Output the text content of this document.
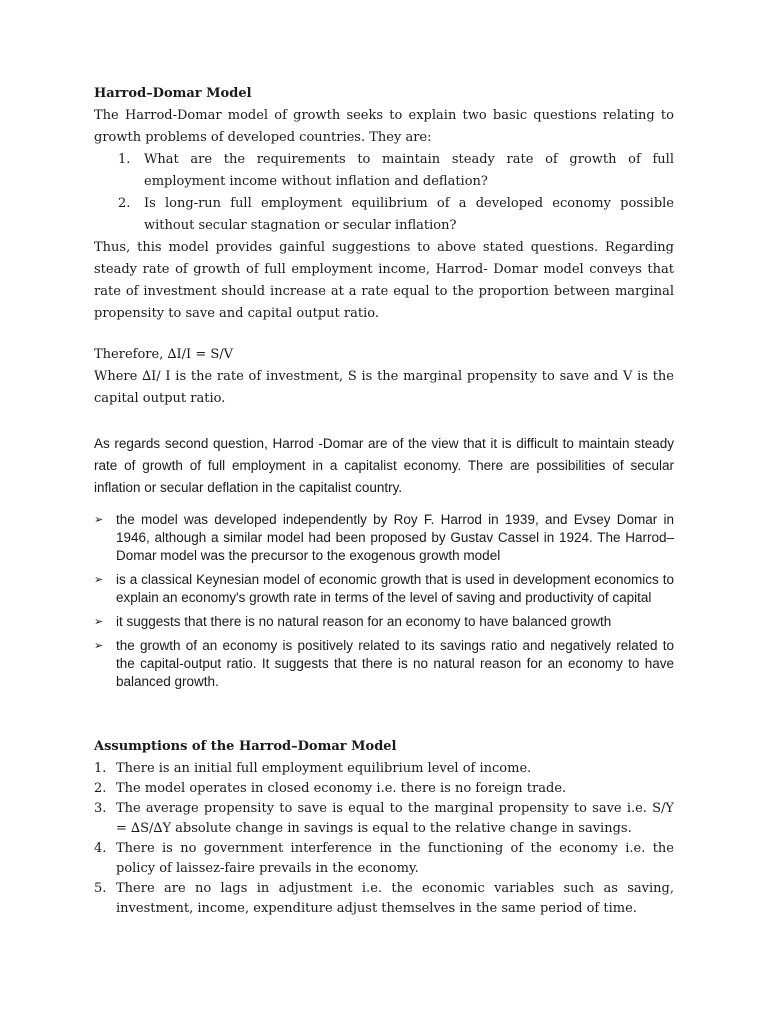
Harrod–Domar Model
The Harrod-Domar model of growth seeks to explain two basic questions relating to growth problems of developed countries. They are:
1. What are the requirements to maintain steady rate of growth of full employment income without inflation and deflation?
2. Is long-run full employment equilibrium of a developed economy possible without secular stagnation or secular inflation?
Thus, this model provides gainful suggestions to above stated questions. Regarding steady rate of growth of full employment income, Harrod- Domar model conveys that rate of investment should increase at a rate equal to the proportion between marginal propensity to save and capital output ratio.
Therefore, ∆I/I = S/V
Where ∆I/ I is the rate of investment, S is the marginal propensity to save and V is the capital output ratio.
As regards second question, Harrod -Domar are of the view that it is difficult to maintain steady rate of growth of full employment in a capitalist economy. There are possibilities of secular inflation or secular deflation in the capitalist country.
➢ the model was developed independently by Roy F. Harrod in 1939, and Evsey Domar in 1946, although a similar model had been proposed by Gustav Cassel in 1924. The Harrod–Domar model was the precursor to the exogenous growth model
➢ is a classical Keynesian model of economic growth that is used in development economics to explain an economy's growth rate in terms of the level of saving and productivity of capital
➢ it suggests that there is no natural reason for an economy to have balanced growth
➢ the growth of an economy is positively related to its savings ratio and negatively related to the capital-output ratio. It suggests that there is no natural reason for an economy to have balanced growth.
Assumptions of the Harrod–Domar Model
1. There is an initial full employment equilibrium level of income.
2. The model operates in closed economy i.e. there is no foreign trade.
3. The average propensity to save is equal to the marginal propensity to save i.e. S/Y = ∆S/∆Y absolute change in savings is equal to the relative change in savings.
4. There is no government interference in the functioning of the economy i.e. the policy of laissez-faire prevails in the economy.
5. There are no lags in adjustment i.e. the economic variables such as saving, investment, income, expenditure adjust themselves in the same period of time.
